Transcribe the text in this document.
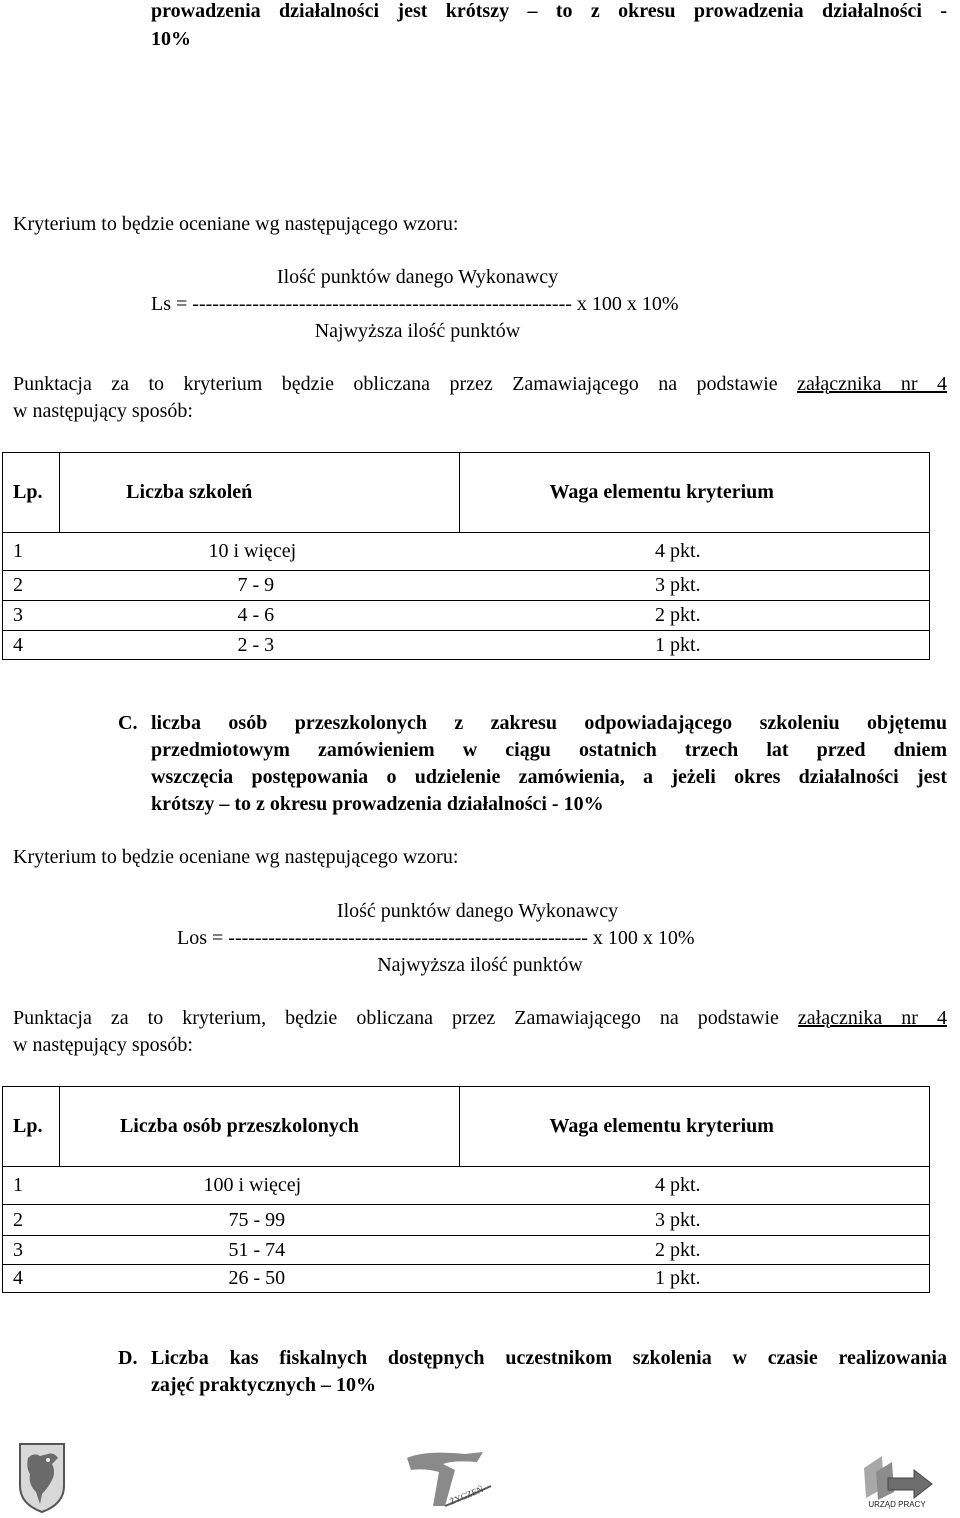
prowadzenia działalności jest krótszy – to z okresu prowadzenia działalności -
10%
Kryterium to będzie oceniane wg następującego wzoru:
Ilość punktów danego Wykonawcy
Ls = --------------------------------------------------------- x 100 x 10%
Najwyższa ilość punktów
Punktacja za to kryterium będzie obliczana przez Zamawiającego na podstawie załącznika nr 4
w następujący sposób:
Lp.	Liczba szkoleń	Waga elementu kryterium
1	10 i więcej	4 pkt.
2	7 - 9	3 pkt.
3	4 - 6	2 pkt.
4	2 - 3	1 pkt.
C. liczba osób przeszkolonych z zakresu odpowiadającego szkoleniu objętemu
przedmiotowym zamówieniem w ciągu ostatnich trzech lat przed dniem
wszczęcia postępowania o udzielenie zamówienia, a jeżeli okres działalności jest
krótszy – to z okresu prowadzenia działalności - 10%
Kryterium to będzie oceniane wg następującego wzoru:
Ilość punktów danego Wykonawcy
Los = ------------------------------------------------------ x 100 x 10%
Najwyższa ilość punktów
Punktacja za to kryterium, będzie obliczana przez Zamawiającego na podstawie załącznika nr 4
w następujący sposób:
Lp.	Liczba osób przeszkolonych	Waga elementu kryterium
1	100 i więcej	4 pkt.
2	75 - 99	3 pkt.
3	51 - 74	2 pkt.
4	26 - 50	1 pkt.
D. Liczba kas fiskalnych dostępnych uczestnikom szkolenia w czasie realizowania
zajęć praktycznych – 10%
ŻYCZEŃ	URZĄD PRACY
